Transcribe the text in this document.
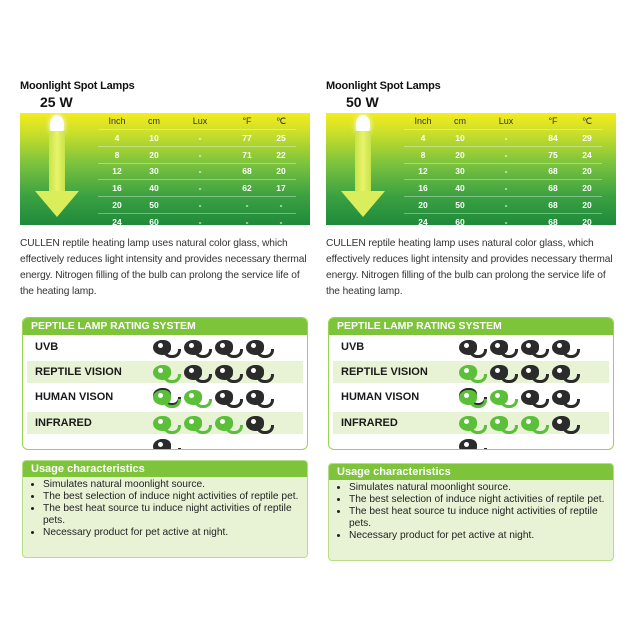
Moonlight Spot Lamps
25 W
Inch	cm	Lux	°F	℃
4	10	-	77	25
8	20	-	71	22
12	30	-	68	20
16	40	-	62	17
20	50	-	-	-
24	60	-	-	-
CULLEN reptile heating lamp uses natural color glass, which effectively reduces light intensity and provides necessary thermal energy. Nitrogen filling of the bulb can prolong the service life of the heating lamp.
PEPTILE LAMP RATING SYSTEM
UVB
REPTILE VISION
HUMAN VISON
INFRARED
Usage characteristics
• Simulates natural moonlight source.
• The best selection of induce night activities of reptile pet.
• The best heat source tu induce night activities of reptile pets.
• Necessary product for pet active at night.
Moonlight Spot Lamps
50 W
Inch	cm	Lux	°F	℃
4	10	-	84	29
8	20	-	75	24
12	30	-	68	20
16	40	-	68	20
20	50	-	68	20
24	60	-	68	20
CULLEN reptile heating lamp uses natural color glass, which effectively reduces light intensity and provides necessary thermal energy. Nitrogen filling of the bulb can prolong the service life of the heating lamp.
PEPTILE LAMP RATING SYSTEM
UVB
REPTILE VISION
HUMAN VISON
INFRARED
Usage characteristics
• Simulates natural moonlight source.
• The best selection of induce night activities of reptile pet.
• The best heat source tu induce night activities of reptile pets.
• Necessary product for pet active at night.
